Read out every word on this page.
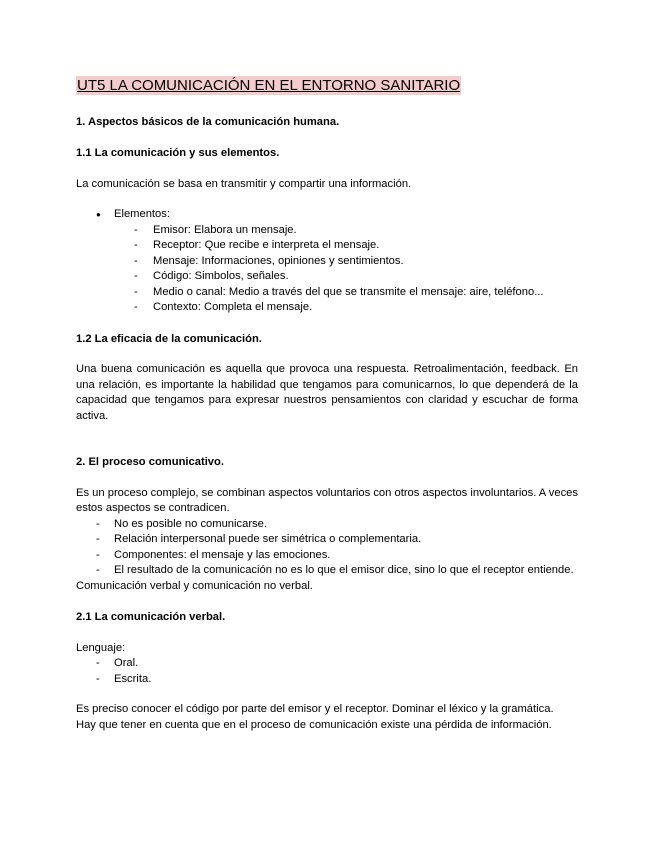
UT5 LA COMUNICACIÓN EN EL ENTORNO SANITARIO

1. Aspectos básicos de la comunicación humana.

1.1 La comunicación y sus elementos.

La comunicación se basa en transmitir y compartir una información.

● Elementos:
- Emisor: Elabora un mensaje.
- Receptor: Que recibe e interpreta el mensaje.
- Mensaje: Informaciones, opiniones y sentimientos.
- Código: Simbolos, señales.
- Medio o canal: Medio a través del que se transmite el mensaje: aire, teléfono...
- Contexto: Completa el mensaje.

1.2 La eficacia de la comunicación.

Una buena comunicación es aquella que provoca una respuesta. Retroalimentación, feedback. En una relación, es importante la habilidad que tengamos para comunicarnos, lo que dependerá de la capacidad que tengamos para expresar nuestros pensamientos con claridad y escuchar de forma activa.

2. El proceso comunicativo.

Es un proceso complejo, se combinan aspectos voluntarios con otros aspectos involuntarios. A veces estos aspectos se contradicen.

- No es posible no comunicarse.
- Relación interpersonal puede ser simétrica o complementaria.
- Componentes: el mensaje y las emociones.
- El resultado de la comunicación no es lo que el emisor dice, sino lo que el receptor entiende.

Comunicación verbal y comunicación no verbal.

2.1 La comunicación verbal.

Lenguaje:

- Oral.
- Escrita.

Es preciso conocer el código por parte del emisor y el receptor. Dominar el léxico y la gramática.

Hay que tener en cuenta que en el proceso de comunicación existe una pérdida de información.
